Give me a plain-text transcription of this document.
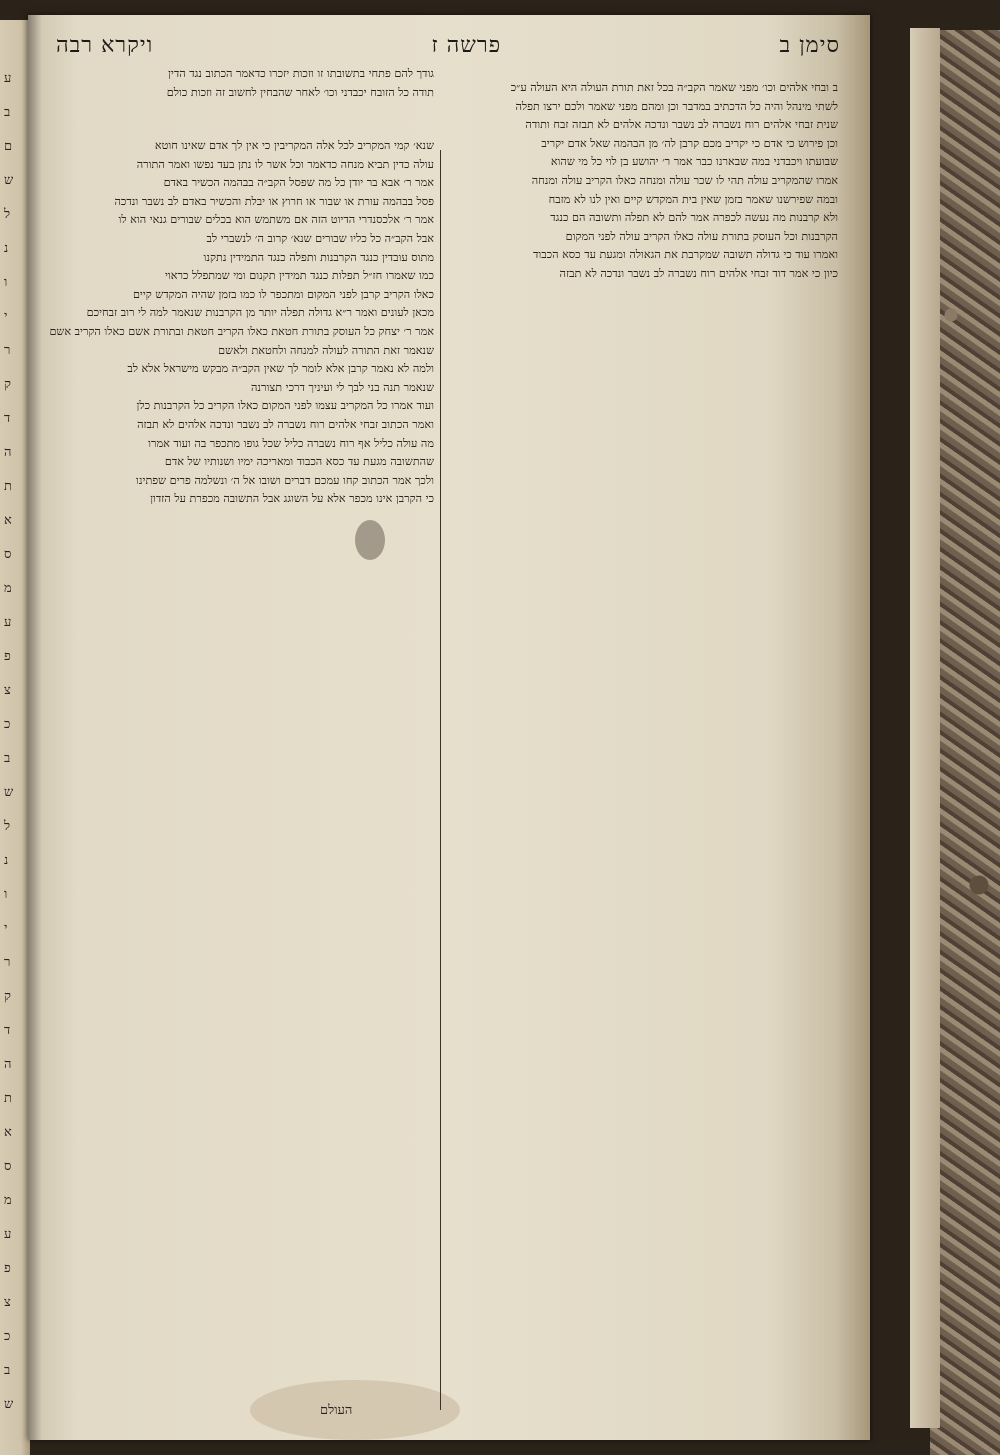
ע
ב
ם
ש
ל
נ
ו
י
ר
ק
ד
ה
ת
א
ס
מ
ע
פ
צ
כ
ב
ש
ל
נ
ו
י
ר
ק
ד
ה
ת
א
ס
מ
ע
פ
צ
כ
ב
ש
סימן ב
פרשה ז
ויקרא רבה

ב ובחי אלהים וכו׳ מפני שאמר הקב״ה בכל זאת תורת העולה היא העולה ע״כ

לשתי מינהל והיה כל הדכתיב במדבר וכן ומהם מפני שאמר ולכם ירצו תפלה

שנית זבחי אלהים רוח נשברה לב נשבר ונדכה אלהים לא תבזה זבח ותודה

וכן פירוש כי אדם כי יקריב מכם קרבן לה׳ מן הבהמה שאל אדם יקריב

שבועתו ויכבדני במה שבארנו כבר אמר ר׳ יהושע בן לוי כל מי שהוא

אמרו שהמקריב עולה תהי לו שכר עולה ומנחה כאלו הקריב עולה ומנחה

ובמה שפירשנו שאמר בזמן שאין בית המקדש קיים ואין לנו לא מזבח

ולא קרבנות מה נעשה לכפרה אמר להם לא תפלה ותשובה הם כנגד

הקרבנות וכל העוסק בתורת עולה כאלו הקריב עולה לפני המקום

ואמרו עוד כי גדולה תשובה שמקרבת את הגאולה ומגעת עד כסא הכבוד

כיון כי אמר דוד זבחי אלהים רוח נשברה לב נשבר ונדכה לא תבזה

גודך להם פתחי בתשובתו זו וזכות יזכרו כדאמר הכתוב נגד הדין

תודה כל הזובח יכבדני וכו׳ לאחר שהבחין לחשוב זה וזכות כולם

שנא׳ קמי המקריב לכל אלה המקריבין כי אין לך אדם שאינו חוטא

עולה כדין תביא מנחה כדאמר וכל אשר לו נתן בעד נפשו ואמר התורה

אמר ר׳ אבא בר יודן כל מה שפסל הקב״ה בבהמה הכשיר באדם

פסל בבהמה עורת או שבור או חרוץ או יבלת והכשיר באדם לב נשבר ונדכה

אמר ר׳ אלכסנדרי הדיוט הזה אם משתמש הוא בכלים שבורים גנאי הוא לו

אבל הקב״ה כל כליו שבורים שנא׳ קרוב ה׳ לנשברי לב

מתוס עובדין כנגד הקרבנות ותפלה כנגד התמידין נתקנו

כמו שאמרו חז״ל תפלות כנגד תמידין תקנום ומי שמתפלל כראוי

כאלו הקריב קרבן לפני המקום ומתכפר לו כמו בזמן שהיה המקדש קיים

מכאן לעונים ואמר ר״א גדולה תפלה יותר מן הקרבנות שנאמר למה לי רוב זבחיכם

אמר ר׳ יצחק כל העוסק בתורת חטאת כאלו הקריב חטאת ובתורת אשם כאלו הקריב אשם

שנאמר זאת התורה לעולה למנחה ולחטאת ולאשם

ולמה לא נאמר קרבן אלא לומר לך שאין הקב״ה מבקש מישראל אלא לב

שנאמר תנה בני לבך לי ועיניך דרכי תצורנה

ועוד אמרו כל המקריב עצמו לפני המקום כאלו הקריב כל הקרבנות כלן

ואמר הכתוב זבחי אלהים רוח נשברה לב נשבר ונדכה אלהים לא תבזה

מה עולה כליל אף רוח נשברה כליל שכל גופו מתכפר בה ועוד אמרו

שהתשובה מגעת עד כסא הכבוד ומאריכה ימיו ושנותיו של אדם

ולכך אמר הכתוב קחו עמכם דברים ושובו אל ה׳ ונשלמה פרים שפתינו

כי הקרבן אינו מכפר אלא על השוגג אבל התשובה מכפרת על הזדון

העולם
